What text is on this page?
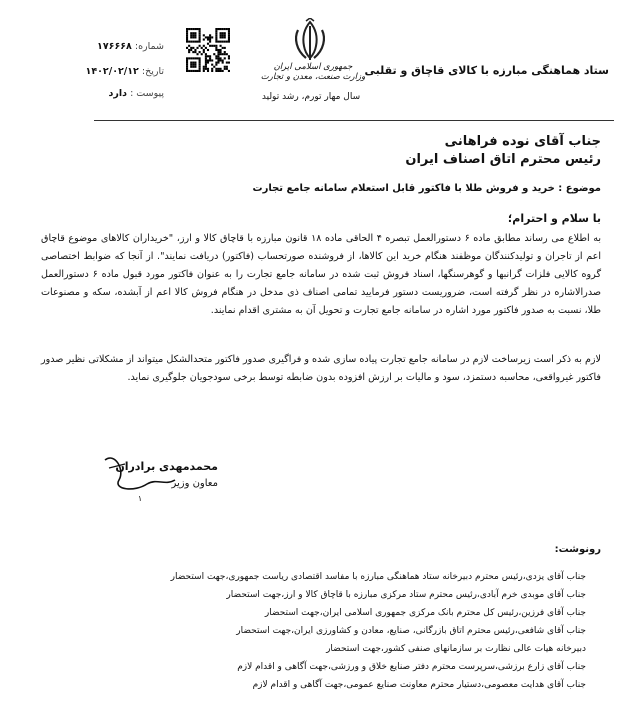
ستاد هماهنگی مبارزه با کالای قاچاق و تقلبی
جمهوری اسلامی ایران
وزارت صنعت، معدن و تجارت
سال مهار تورم، رشد تولید
شماره: ۱۷۶۶۶۸
تاریخ: ۱۴۰۲/۰۲/۱۲
پیوست : دارد
جناب آقای نوده فراهانی
رئیس محترم اتاق اصناف ایران
موضوع : خرید و فروش طلا با فاکتور قابل استعلام سامانه جامع تجارت
با سلام و احترام؛
به اطلاع می رساند مطابق ماده ۶ دستورالعمل تبصره ۴ الحاقی ماده ۱۸ قانون مبارزه با قاچاق کالا و ارز، "خریداران کالاهای موضوع قاچاق اعم از تاجران و تولیدکنندگان موظفند هنگام خرید این کالاها، از فروشنده صورتحساب (فاکتور) دریافت نمایند". از آنجا که ضوابط اختصاصی گروه کالایی فلزات گرانبها و گوهرسنگها، اسناد فروش ثبت شده در سامانه جامع تجارت را به عنوان فاکتور مورد قبول ماده ۶ دستورالعمل صدرالاشاره در نظر گرفته است، ضروریست دستور فرمایید تمامی اصناف ذی مدخل در هنگام فروش کالا اعم از آبشده، سکه و مصنوعات طلا، نسبت به صدور فاکتور مورد اشاره در سامانه جامع تجارت و تحویل آن به مشتری اقدام نمایند.
لازم به ذکر است زیرساخت لازم در سامانه جامع تجارت پیاده سازی شده و فراگیری صدور فاکتور متحدالشکل میتواند از مشکلاتی نظیر صدور فاکتور غیرواقعی، محاسبه دستمزد، سود و مالیات بر ارزش افزوده بدون ضابطه توسط برخی سودجویان جلوگیری نماید.
محمدمهدی برادران
معاون وزیر
۱
رونوشت:
جناب آقای یزدی،رئیس محترم دبیرخانه ستاد هماهنگی مبارزه با مفاسد اقتصادی ریاست جمهوری،جهت استحضار
جناب آقای موبدی خرم آبادی،رئیس محترم ستاد مرکزی مبارزه با قاچاق کالا و ارز،جهت استحضار
جناب آقای فرزین،رئیس کل محترم بانک مرکزی جمهوری اسلامی ایران،جهت استحضار
جناب آقای شافعی،رئیس محترم اتاق بازرگانی، صنایع، معادن و کشاورزی ایران،جهت استحضار
دبیرخانه هیات عالی نظارت بر سازمانهای صنفی کشور،جهت استحضار
جناب آقای زارع برزشی،سرپرست محترم دفتر صنایع خلاق و ورزشی،جهت آگاهی و اقدام لازم
جناب آقای هدایت معصومی،دستیار محترم معاونت صنایع عمومی،جهت آگاهی و اقدام لازم
